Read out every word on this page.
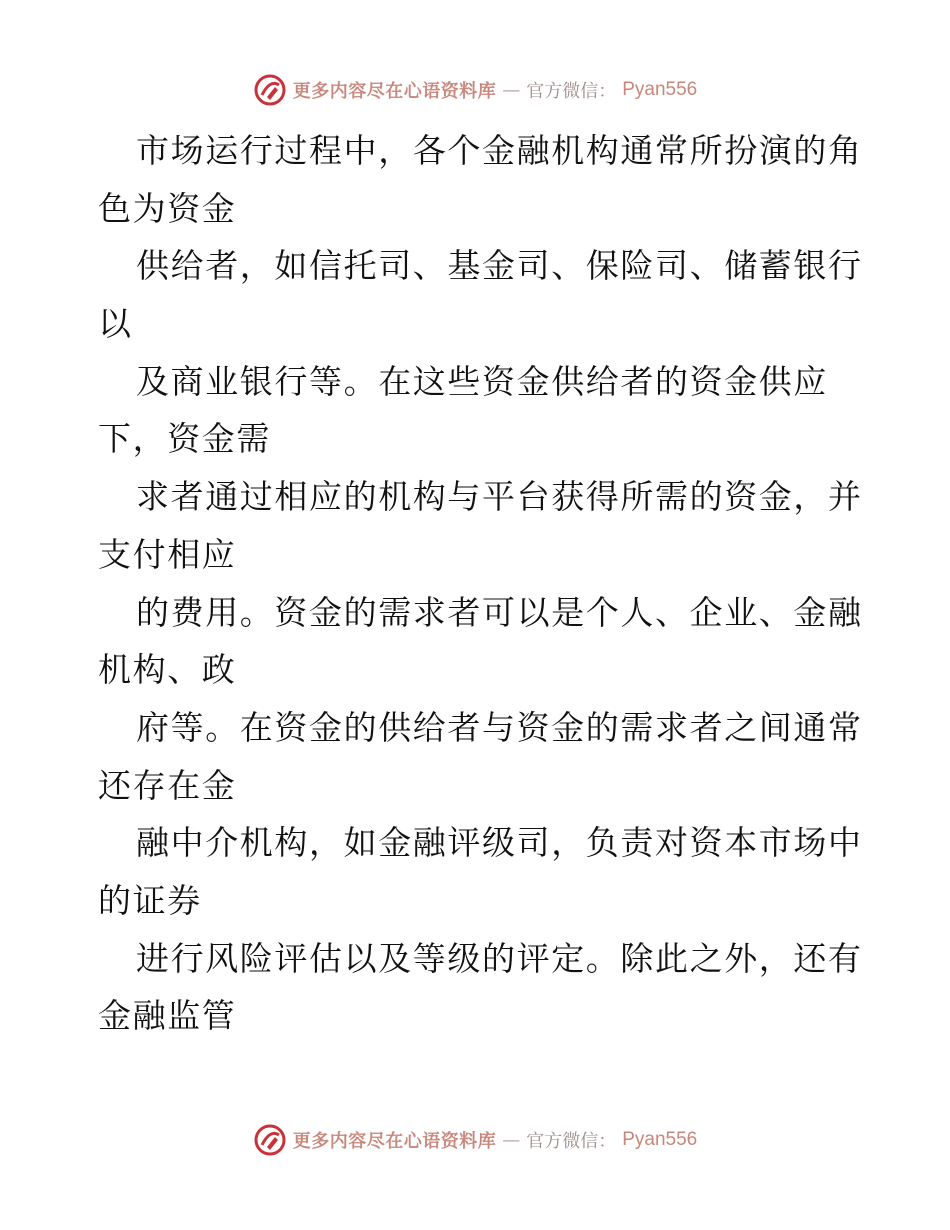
更多内容尽在心语资料库 — 官方微信： Pyan556
市场运行过程中，各个金融机构通常所扮演的角
色为资金
供给者，如信托司、基金司、保险司、储蓄银行
以
及商业银行等。在这些资金供给者的资金供应
下，资金需
求者通过相应的机构与平台获得所需的资金，并
支付相应
的费用。资金的需求者可以是个人、企业、金融
机构、政
府等。在资金的供给者与资金的需求者之间通常
还存在金
融中介机构，如金融评级司，负责对资本市场中
的证券
进行风险评估以及等级的评定。除此之外，还有
金融监管
更多内容尽在心语资料库 — 官方微信： Pyan556
